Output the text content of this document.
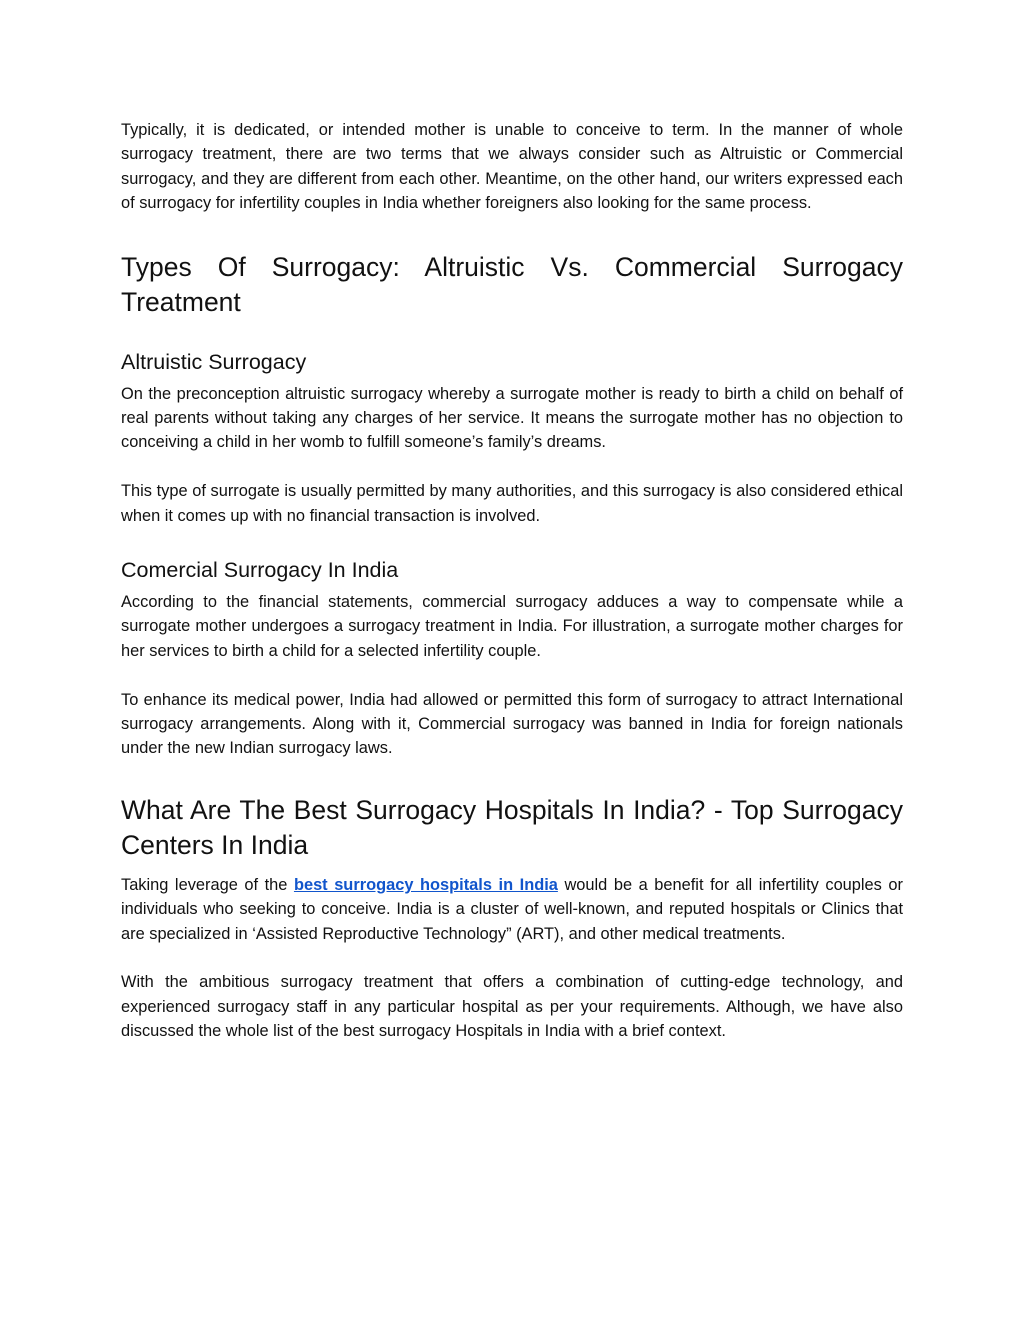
Typically, it is dedicated, or intended mother is unable to conceive to term. In the manner of whole surrogacy treatment, there are two terms that we always consider such as Altruistic or Commercial surrogacy, and they are different from each other. Meantime, on the other hand, our writers expressed each of surrogacy for infertility couples in India whether foreigners also looking for the same process.

Types Of Surrogacy: Altruistic Vs. Commercial Surrogacy
Treatment
Altruistic Surrogacy

On the preconception altruistic surrogacy whereby a surrogate mother is ready to birth a child on behalf of real parents without taking any charges of her service. It means the surrogate mother has no objection to conceiving a child in her womb to fulfill someone’s family’s dreams.

This type of surrogate is usually permitted by many authorities, and this surrogacy is also considered ethical when it comes up with no financial transaction is involved.

Comercial Surrogacy In India

According to the financial statements, commercial surrogacy adduces a way to compensate while a surrogate mother undergoes a surrogacy treatment in India. For illustration, a surrogate mother charges for her services to birth a child for a selected infertility couple.

To enhance its medical power, India had allowed or permitted this form of surrogacy to attract International surrogacy arrangements. Along with it, Commercial surrogacy was banned in India for foreign nationals under the new Indian surrogacy laws.

What Are The Best Surrogacy Hospitals In India? - Top Surrogacy Centers In India

Taking leverage of the best surrogacy hospitals in India would be a benefit for all infertility couples or individuals who seeking to conceive. India is a cluster of well-known, and reputed hospitals or Clinics that are specialized in ‘Assisted Reproductive Technology” (ART), and other medical treatments.

With the ambitious surrogacy treatment that offers a combination of cutting-edge technology, and experienced surrogacy staff in any particular hospital as per your requirements. Although, we have also discussed the whole list of the best surrogacy Hospitals in India with a brief context.
